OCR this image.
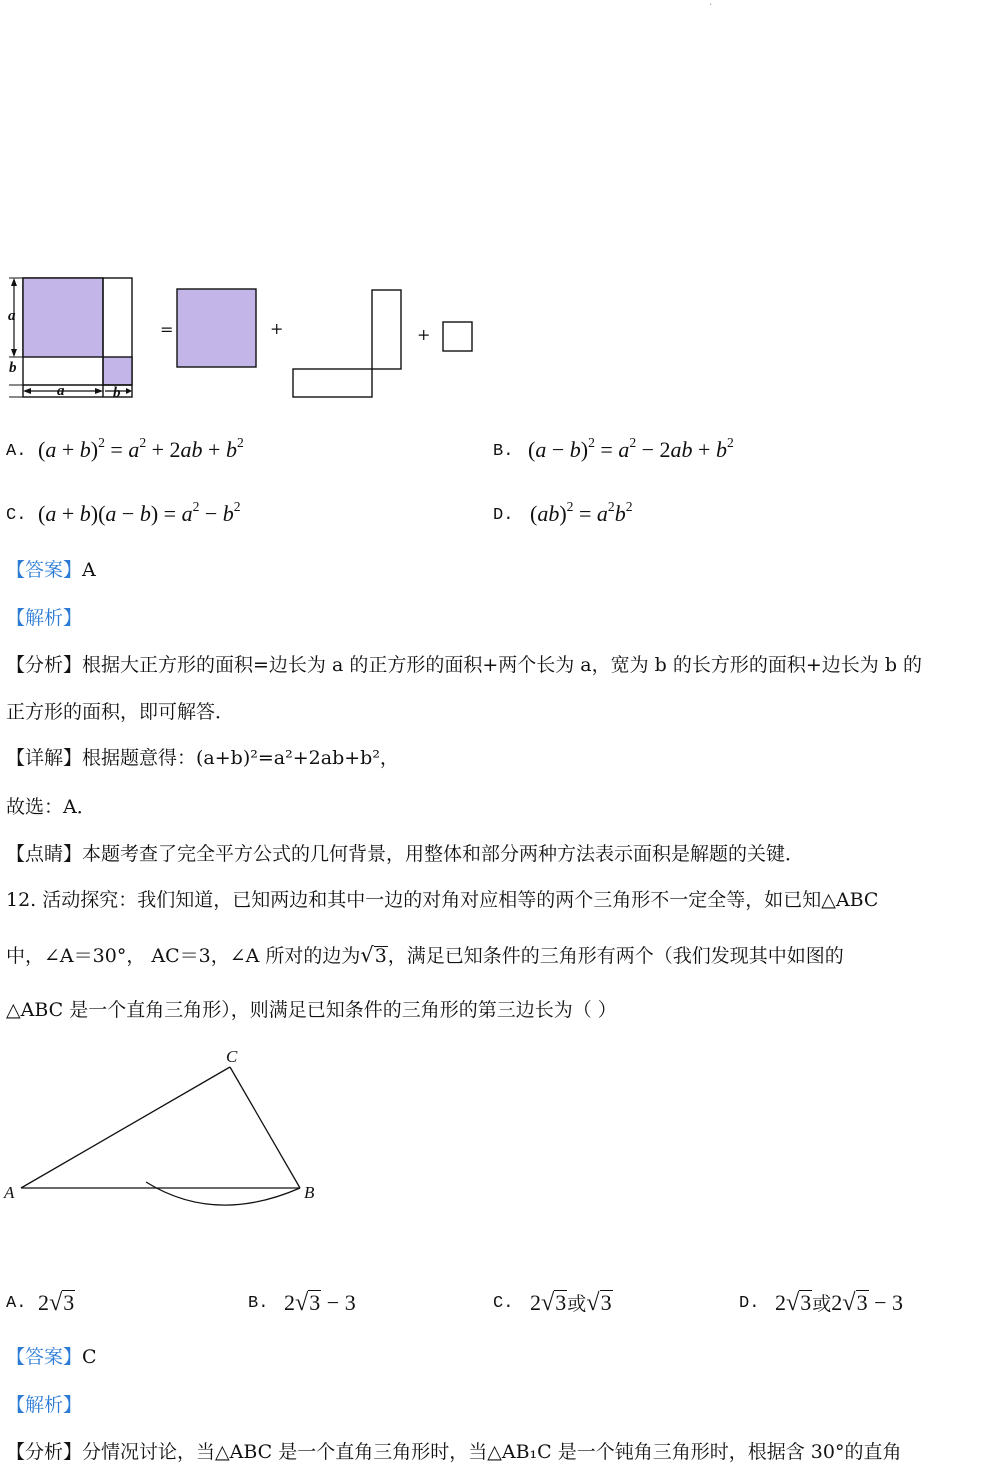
·
a
b
a	b
=	+	+
A. $(a + b)^2 = a^2 + 2ab + b^2$	B. $(a - b)^2 = a^2 - 2ab + b^2$
C. $(a + b)(a - b) = a^2 - b^2$	D. $(ab)^2 = a^2b^2$
【答案】A
【解析】
【分析】根据大正方形的面积=边长为 a 的正方形的面积+两个长为 a，宽为 b 的长方形的面积+边长为 b 的
正方形的面积，即可解答．
【详解】根据题意得：(a+b)²=a²+2ab+b²，
故选：A．
【点睛】本题考查了完全平方公式的几何背景，用整体和部分两种方法表示面积是解题的关键．
12. 活动探究：我们知道，已知两边和其中一边的对角对应相等的两个三角形不一定全等，如已知△ABC
中，∠A＝30°， AC＝3，∠A 所对的边为√3，满足已知条件的三角形有两个（我们发现其中如图的
△ABC 是一个直角三角形），则满足已知条件的三角形的第三边长为（ ）
C
A	B
A. 2√3	B. 2√3 − 3	C. 2√3或√3	D. 2√3或2√3 − 3
【答案】C
【解析】
【分析】分情况讨论，当△ABC 是一个直角三角形时，当△AB₁C 是一个钝角三角形时，根据含 30°的直角
